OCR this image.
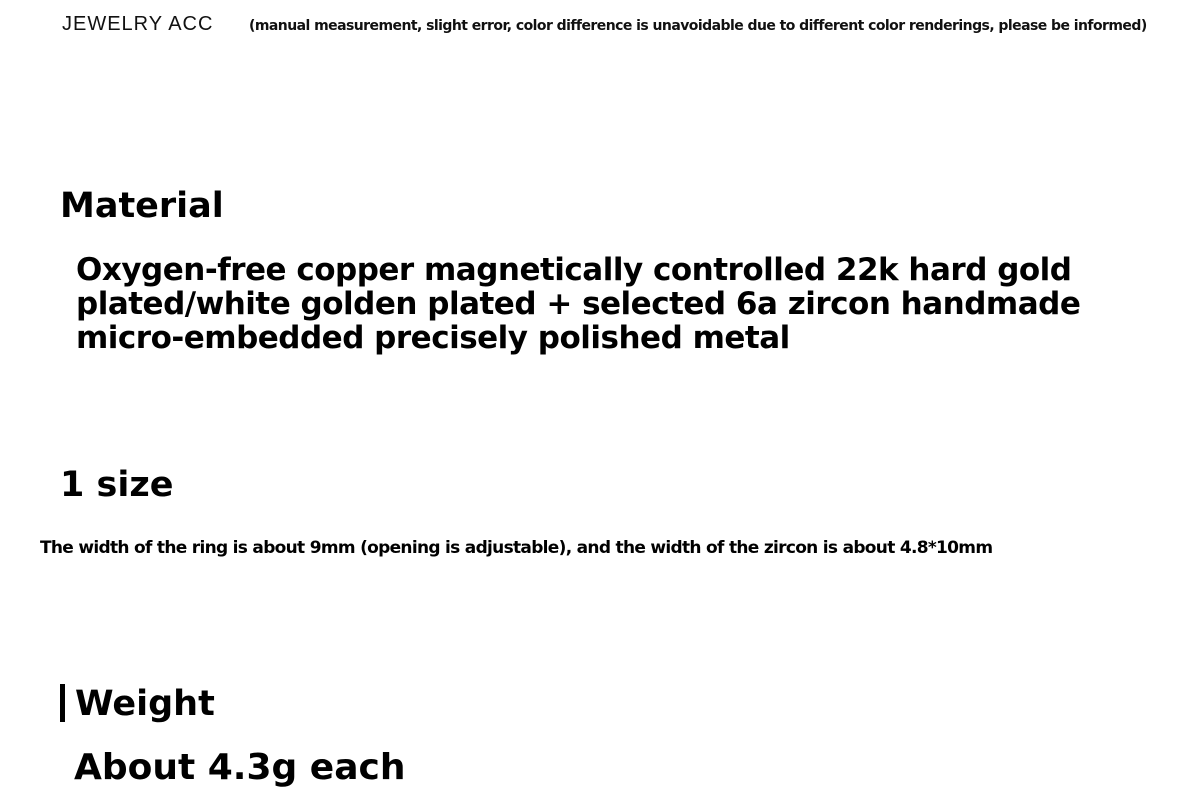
JEWELRY ACC	(manual measurement, slight error, color difference is unavoidable due to different color renderings, please be informed)
Material
Oxygen-free copper magnetically controlled 22k hard gold
plated/white golden plated + selected 6a zircon handmade
micro-embedded precisely polished metal
1 size
The width of the ring is about 9mm (opening is adjustable), and the width of the zircon is about 4.8*10mm
Weight
About 4.3g each
